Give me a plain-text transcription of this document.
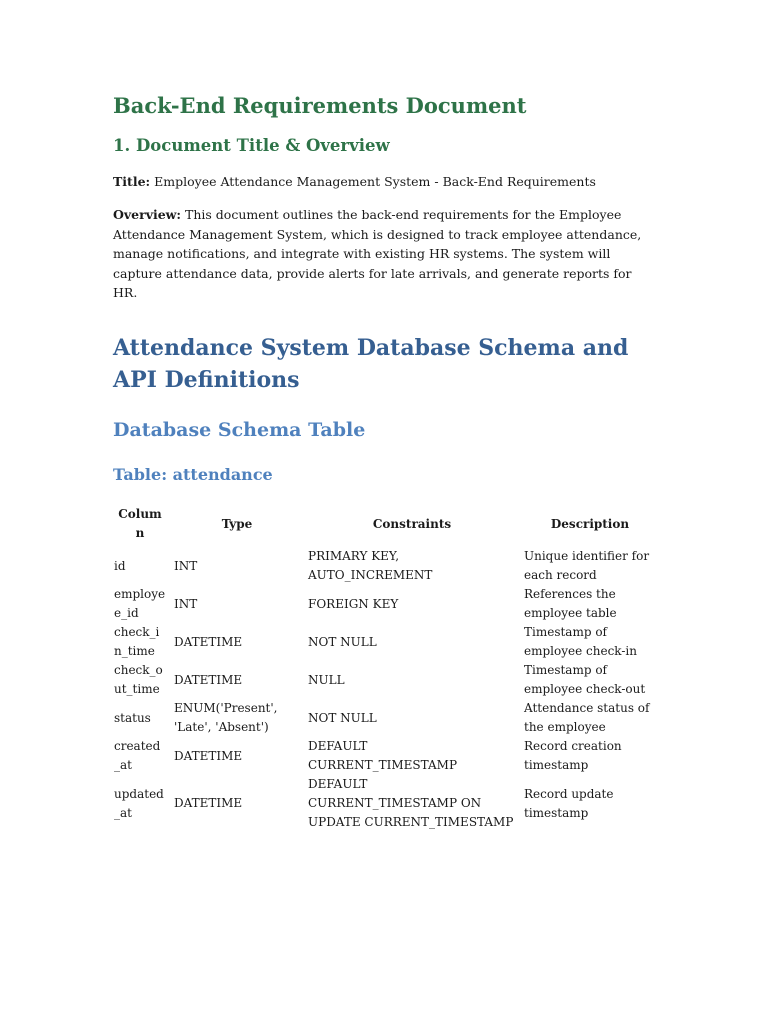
Back-End Requirements Document
1. Document Title & Overview
Title: Employee Attendance Management System - Back-End Requirements
Overview: This document outlines the back-end requirements for the Employee Attendance Management System, which is designed to track employee attendance, manage notifications, and integrate with existing HR systems. The system will capture attendance data, provide alerts for late arrivals, and generate reports for HR.
Attendance System Database Schema and API Definitions
Database Schema Table
Table: attendance
Column	Type	Constraints	Description
id	INT	PRIMARY KEY, AUTO_INCREMENT	Unique identifier for each record
employee_id	INT	FOREIGN KEY	References the employee table
check_in_time	DATETIME	NOT NULL	Timestamp of employee check-in
check_out_time	DATETIME	NULL	Timestamp of employee check-out
status	ENUM('Present', 'Late', 'Absent')	NOT NULL	Attendance status of the employee
created_at	DATETIME	DEFAULT CURRENT_TIMESTAMP	Record creation timestamp
updated_at	DATETIME	DEFAULT CURRENT_TIMESTAMP ON UPDATE CURRENT_TIMESTAMP	Record update timestamp
